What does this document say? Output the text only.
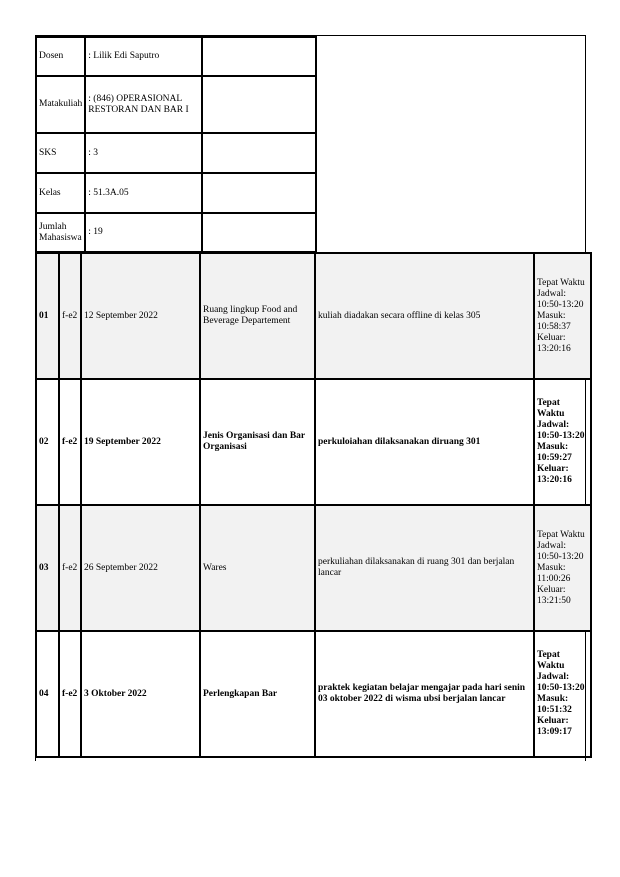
Dosen	: Lilik Edi Saputro	
Matakuliah	: (846) OPERASIONAL RESTORAN DAN BAR I	
SKS	: 3	
Kelas	: 51.3A.05	
Jumlah Mahasiswa	: 19	
01	f-e2	12 September 2022	Ruang lingkup Food and Beverage Departement	kuliah diadakan secara offline di kelas 305	Tepat Waktu Jadwal: 10:50-13:20 Masuk: 10:58:37 Keluar: 13:20:16
02	f-e2	19 September 2022	Jenis Organisasi dan Bar Organisasi	perkuloiahan dilaksanakan diruang 301	Tepat Waktu Jadwal: 10:50-13:20 Masuk: 10:59:27 Keluar: 13:20:16
03	f-e2	26 September 2022	Wares	perkuliahan dilaksanakan di ruang 301 dan berjalan lancar	Tepat Waktu Jadwal: 10:50-13:20 Masuk: 11:00:26 Keluar: 13:21:50
04	f-e2	3 Oktober 2022	Perlengkapan Bar	praktek kegiatan belajar mengajar pada hari senin 03 oktober 2022 di wisma ubsi berjalan lancar	Tepat Waktu Jadwal: 10:50-13:20 Masuk: 10:51:32 Keluar: 13:09:17
